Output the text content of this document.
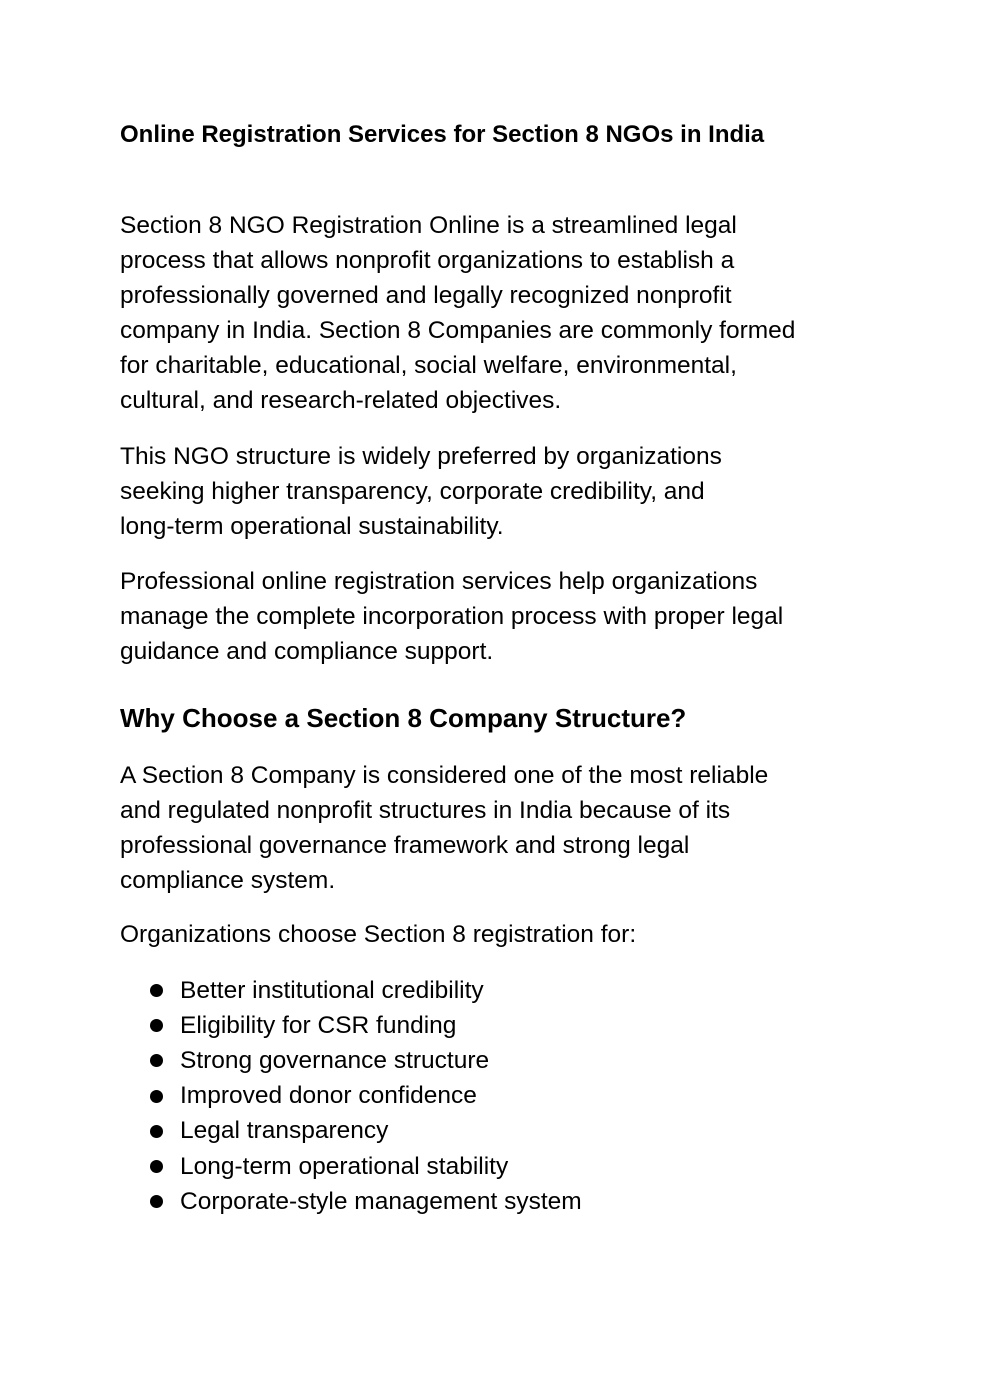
Online Registration Services for Section 8 NGOs in India

Section 8 NGO Registration Online is a streamlined legal
process that allows nonprofit organizations to establish a
professionally governed and legally recognized nonprofit
company in India. Section 8 Companies are commonly formed
for charitable, educational, social welfare, environmental,
cultural, and research-related objectives.

This NGO structure is widely preferred by organizations
seeking higher transparency, corporate credibility, and
long-term operational sustainability.

Professional online registration services help organizations
manage the complete incorporation process with proper legal
guidance and compliance support.

Why Choose a Section 8 Company Structure?

A Section 8 Company is considered one of the most reliable
and regulated nonprofit structures in India because of its
professional governance framework and strong legal
compliance system.

Organizations choose Section 8 registration for:

Better institutional credibility
Eligibility for CSR funding
Strong governance structure
Improved donor confidence
Legal transparency
Long-term operational stability
Corporate-style management system
